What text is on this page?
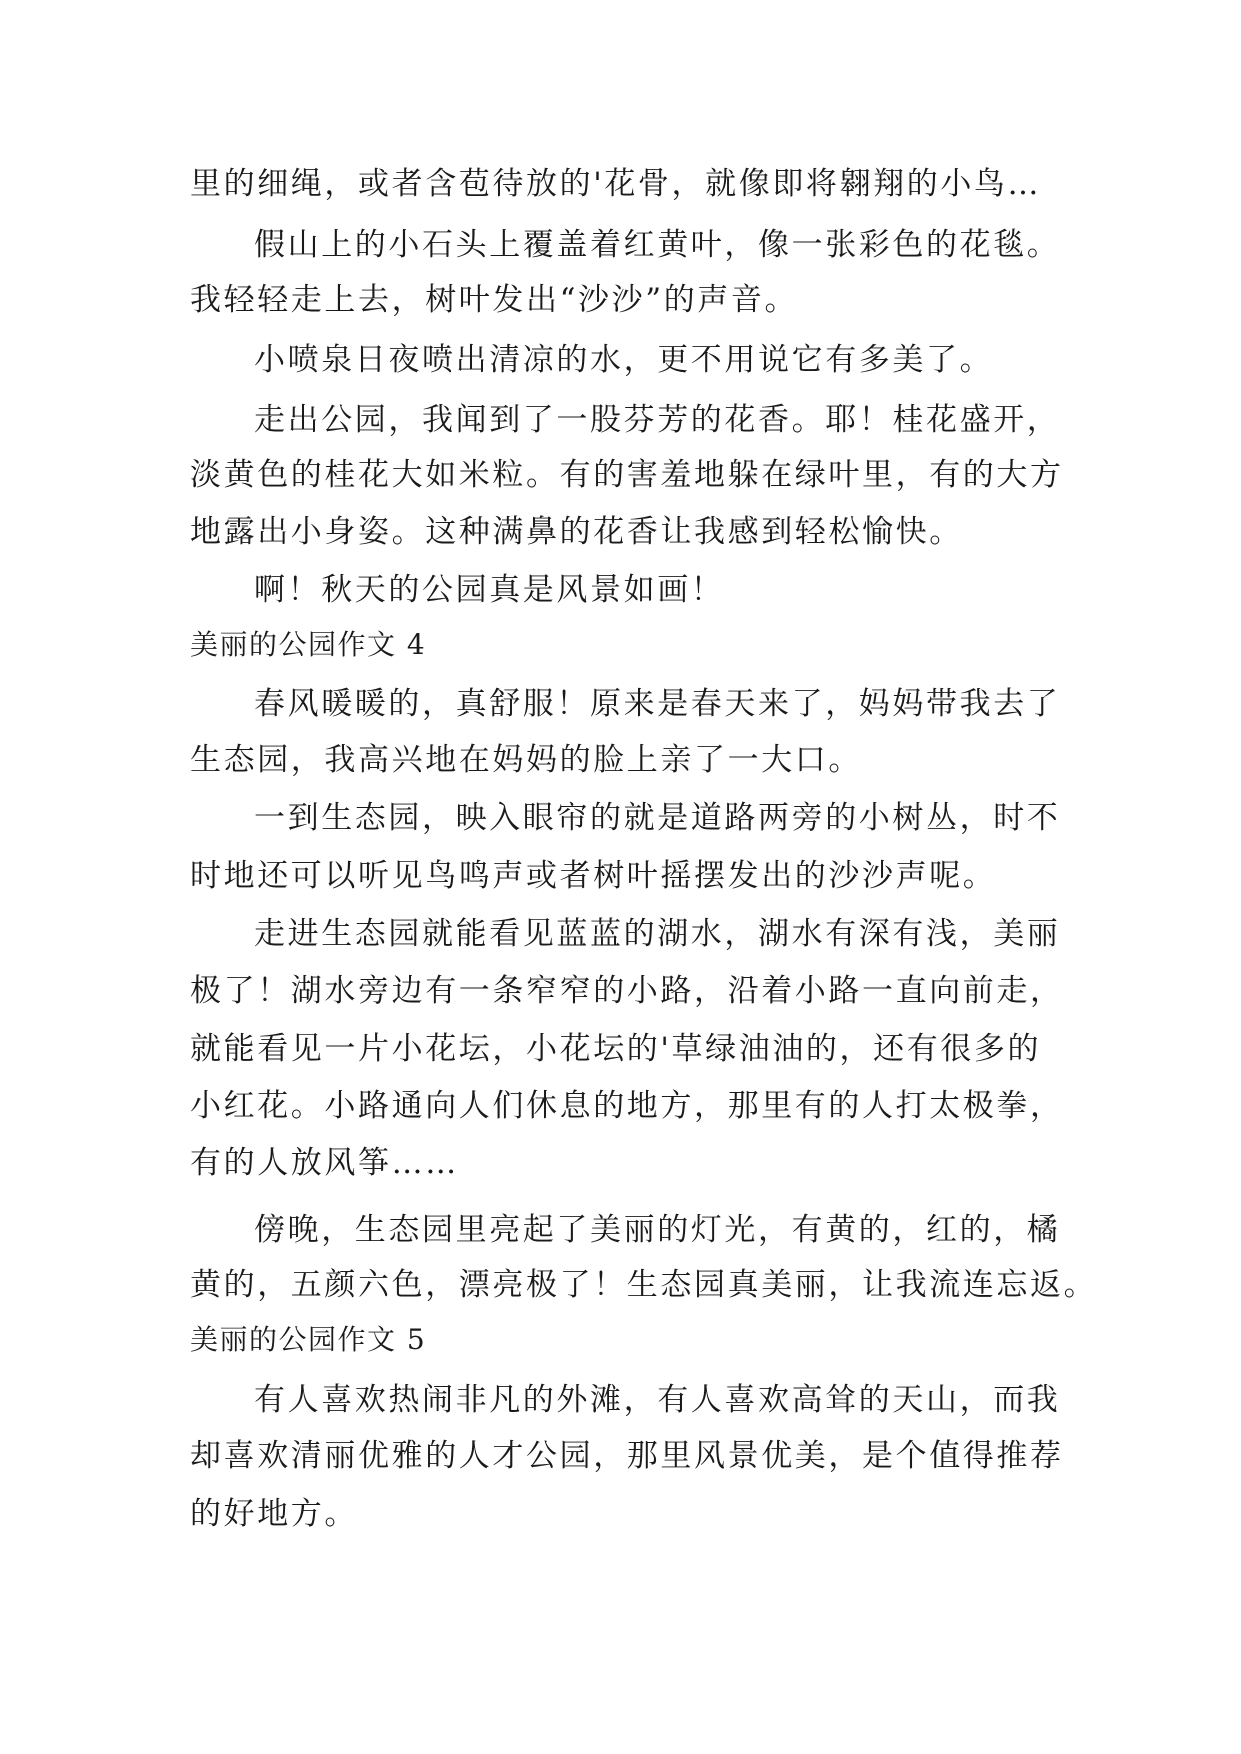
里的细绳，或者含苞待放的'花骨，就像即将翱翔的小鸟…
假山上的小石头上覆盖着红黄叶，像一张彩色的花毯。
我轻轻走上去，树叶发出“沙沙”的声音。
小喷泉日夜喷出清凉的水，更不用说它有多美了。
走出公园，我闻到了一股芬芳的花香。耶！桂花盛开，
淡黄色的桂花大如米粒。有的害羞地躲在绿叶里，有的大方
地露出小身姿。这种满鼻的花香让我感到轻松愉快。
啊！秋天的公园真是风景如画！
美丽的公园作文 4
春风暖暖的，真舒服！原来是春天来了，妈妈带我去了
生态园，我高兴地在妈妈的脸上亲了一大口。
一到生态园，映入眼帘的就是道路两旁的小树丛，时不
时地还可以听见鸟鸣声或者树叶摇摆发出的沙沙声呢。
走进生态园就能看见蓝蓝的湖水，湖水有深有浅，美丽
极了！湖水旁边有一条窄窄的小路，沿着小路一直向前走，
就能看见一片小花坛，小花坛的'草绿油油的，还有很多的
小红花。小路通向人们休息的地方，那里有的人打太极拳，
有的人放风筝……
傍晚，生态园里亮起了美丽的灯光，有黄的，红的，橘
黄的，五颜六色，漂亮极了！生态园真美丽，让我流连忘返。
美丽的公园作文 5
有人喜欢热闹非凡的外滩，有人喜欢高耸的天山，而我
却喜欢清丽优雅的人才公园，那里风景优美，是个值得推荐
的好地方。
